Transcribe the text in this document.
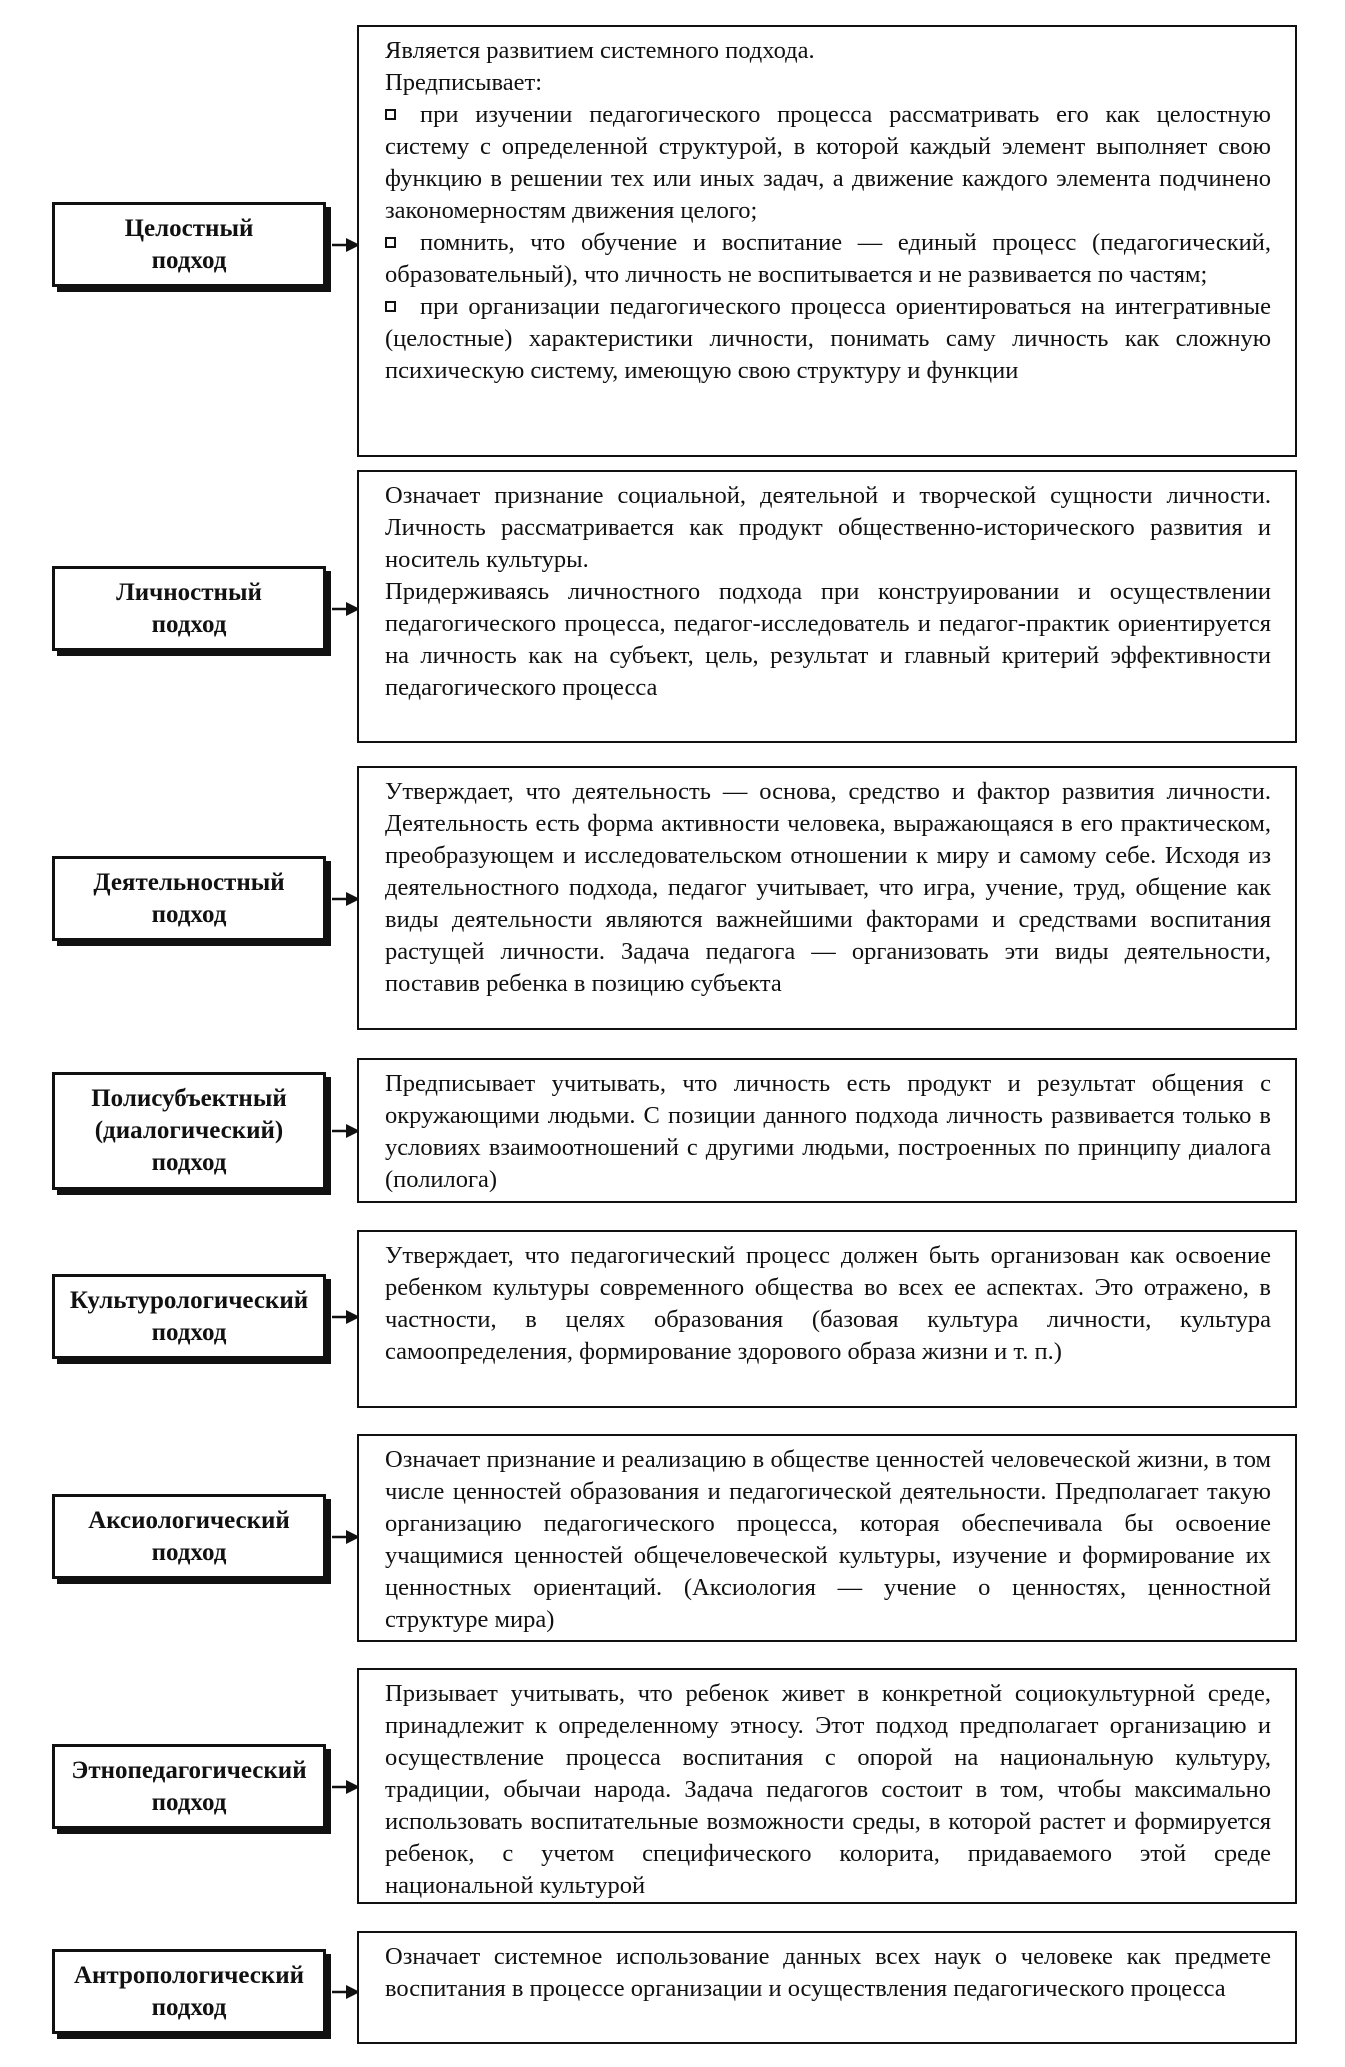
Целостный
подход

Является развитием системного подхода.

Предписывает:

при изучении педагогического процесса рассматривать его как целостную систему с определенной структурой, в которой каждый элемент выполняет свою функцию в решении тех или иных задач, а движение каждого элемента подчинено закономерностям движения целого;

помнить, что обучение и воспитание — единый процесс (педагогический, образовательный), что личность не воспитывается и не развивается по частям;

при организации педагогического процесса ориентироваться на интегративные (целостные) характеристики личности, понимать саму личность как сложную психическую систему, имеющую свою структуру и функции

Личностный
подход

Означает признание социальной, деятельной и творческой сущности личности. Личность рассматривается как продукт общественно-исторического развития и носитель культуры.

Придерживаясь личностного подхода при конструировании и осуществлении педагогического процесса, педагог-исследователь и педагог-практик ориентируется на личность как на субъект, цель, результат и главный критерий эффективности педагогического процесса

Деятельностный
подход

Утверждает, что деятельность — основа, средство и фактор развития личности. Деятельность есть форма активности человека, выражающаяся в его практическом, преобразующем и исследовательском отношении к миру и самому себе. Исходя из деятельностного подхода, педагог учитывает, что игра, учение, труд, общение как виды деятельности являются важнейшими факторами и средствами воспитания растущей личности. Задача педагога — организовать эти виды деятельности, поставив ребенка в позицию субъекта

Полисубъектный
(диалогический)
подход

Предписывает учитывать, что личность есть продукт и результат общения с окружающими людьми. С позиции данного подхода личность развивается только в условиях взаимоотношений с другими людьми, построенных по принципу диалога (полилога)

Культурологический
подход

Утверждает, что педагогический процесс должен быть организован как освоение ребенком культуры современного общества во всех ее аспектах. Это отражено, в частности, в целях образования (базовая культура личности, культура самоопределения, формирование здорового образа жизни и т. п.)

Аксиологический
подход

Означает признание и реализацию в обществе ценностей человеческой жизни, в том числе ценностей образования и педагогической деятельности. Предполагает такую организацию педагогического процесса, которая обеспечивала бы освоение учащимися ценностей общечеловеческой культуры, изучение и формирование их ценностных ориентаций. (Аксиология — учение о ценностях, ценностной структуре мира)

Этнопедагогический
подход

Призывает учитывать, что ребенок живет в конкретной социокультурной среде, принадлежит к определенному этносу. Этот подход предполагает организацию и осуществление процесса воспитания с опорой на национальную культуру, традиции, обычаи народа. Задача педагогов состоит в том, чтобы максимально использовать воспитательные возможности среды, в которой растет и формируется ребенок, с учетом специфического колорита, придаваемого этой среде национальной культурой

Антропологический
подход

Означает системное использование данных всех наук о человеке как предмете воспитания в процессе организации и осуществления педагогического процесса
